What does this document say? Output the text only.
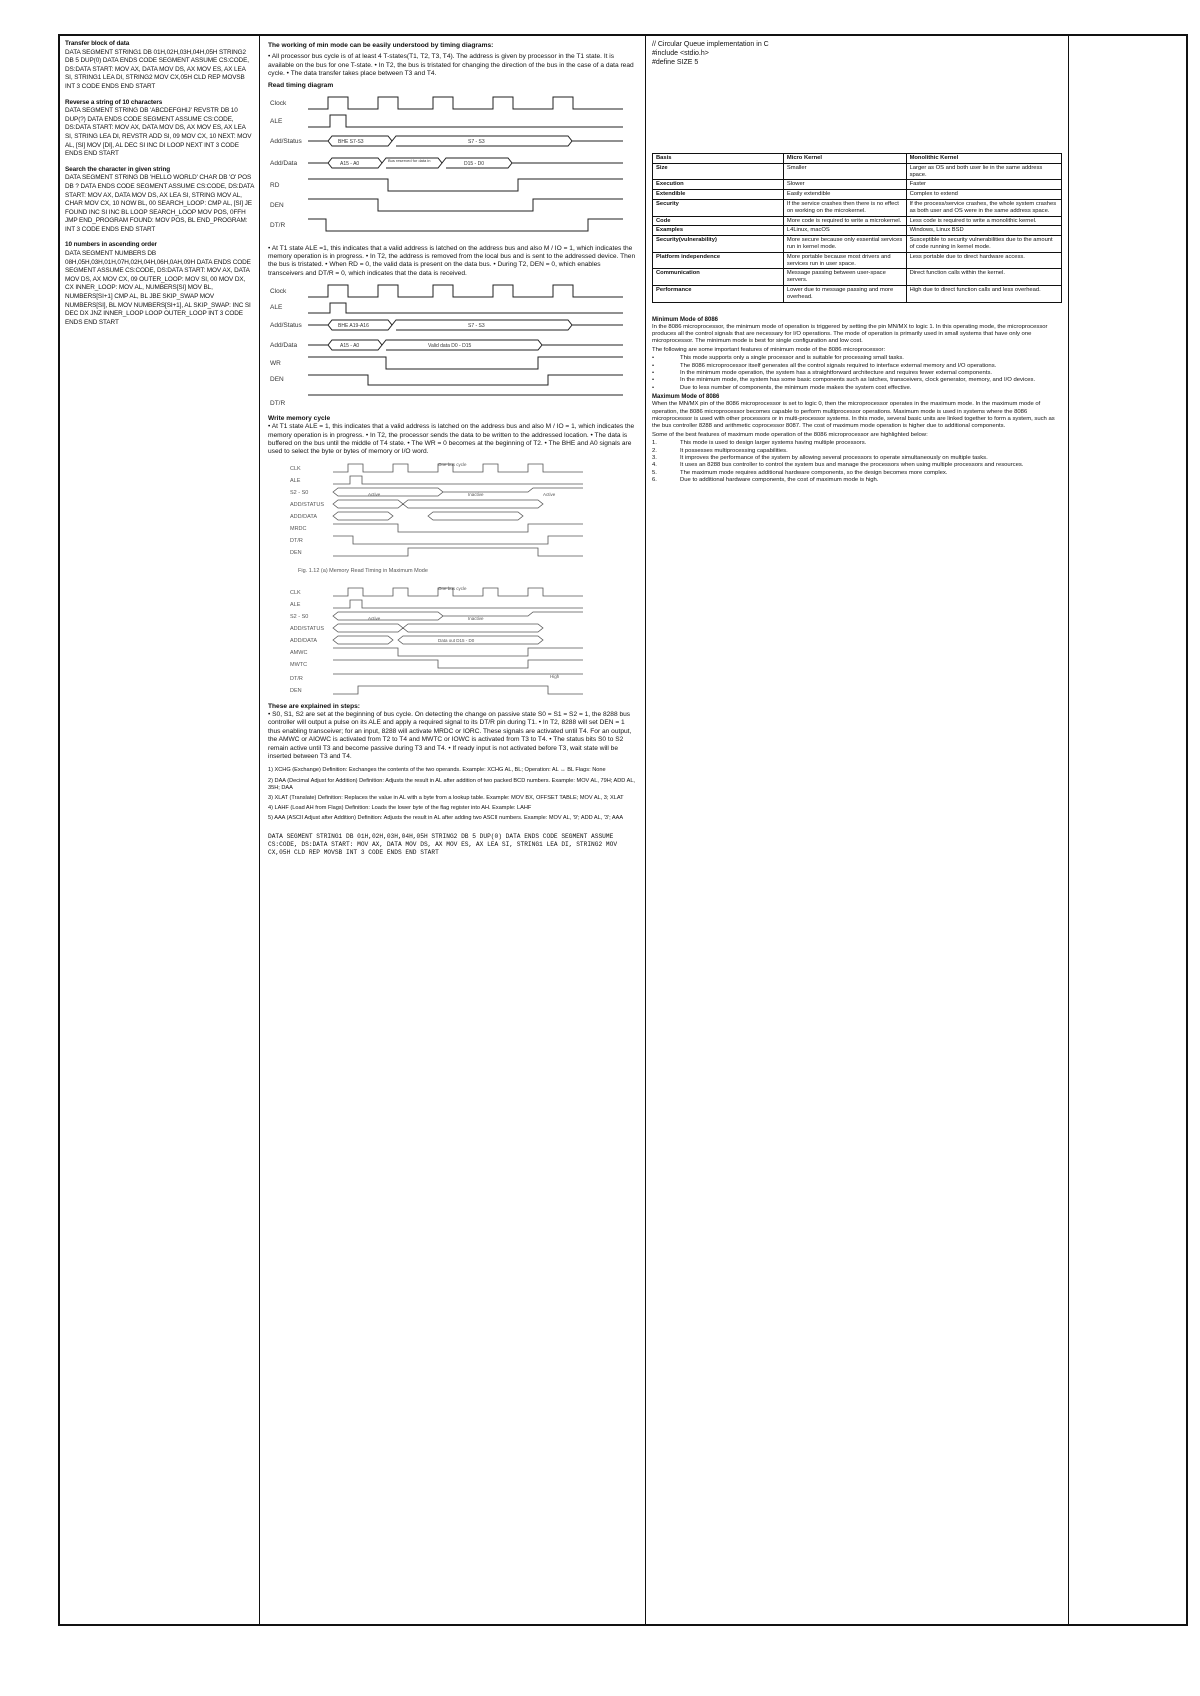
Transfer block of data
DATA SEGMENT STRING1 DB 01H,02H,03H,04H,05H STRING2 DB 5 DUP(0) DATA ENDS CODE SEGMENT ASSUME CS:CODE, DS:DATA START: MOV AX, DATA MOV DS, AX MOV ES, AX LEA SI, STRING1 LEA DI, STRING2 MOV CX,05H CLD REP MOVSB INT 3 CODE ENDS END START
Reverse a string of 10 characters
DATA SEGMENT STRING DB 'ABCDEFGHIJ' REVSTR DB 10 DUP(?) DATA ENDS CODE SEGMENT ASSUME CS:CODE, DS:DATA START: MOV AX, DATA MOV DS, AX MOV ES, AX LEA SI, STRING LEA DI, REVSTR ADD SI, 09 MOV CX, 10 NEXT: MOV AL, [SI] MOV [DI], AL DEC SI INC DI LOOP NEXT INT 3 CODE ENDS END START
Search the character in given string
DATA SEGMENT STRING DB 'HELLO WORLD' CHAR DB 'O' POS DB ? DATA ENDS CODE SEGMENT ASSUME CS:CODE, DS:DATA START: MOV AX, DATA MOV DS, AX LEA SI, STRING MOV AL, CHAR MOV CX, 10 NOW BL, 00 SEARCH_LOOP: CMP AL, [SI] JE FOUND INC SI INC BL LOOP SEARCH_LOOP MOV POS, 0FFH JMP END_PROGRAM FOUND: MOV POS, BL END_PROGRAM: INT 3 CODE ENDS END START
10 numbers in ascending order
DATA SEGMENT NUMBERS DB 08H,05H,03H,01H,07H,02H,04H,06H,0AH,09H DATA ENDS CODE SEGMENT ASSUME CS:CODE, DS:DATA START: MOV AX, DATA MOV DS, AX MOV CX, 09 OUTER_LOOP: MOV SI, 00 MOV DX, CX INNER_LOOP: MOV AL, NUMBERS[SI] MOV BL, NUMBERS[SI+1] CMP AL, BL JBE SKIP_SWAP MOV NUMBERS[SI], BL MOV NUMBERS[SI+1], AL SKIP_SWAP: INC SI DEC DX JNZ INNER_LOOP LOOP OUTER_LOOP INT 3 CODE ENDS END START
The working of min mode can be easily understood by timing diagrams:
• All processor bus cycle is of at least 4 T-states(T1, T2, T3, T4). The address is given by processor in the T1 state. It is available on the bus for one T-state. • In T2, the bus is tristated for changing the direction of the bus in the case of a data read cycle. • The data transfer takes place between T3 and T4.
Read timing diagram
Clock
ALE
Add/Status
Add/Data
RD
DEN
DT/R
BHE S7-S3	S7 - S3
A15 - A0
Bus reserved for data in
D15 - D0
• At T1 state ALE =1, this indicates that a valid address is latched on the address bus and also M / IO = 1, which indicates the memory operation is in progress. • In T2, the address is removed from the local bus and is sent to the addressed device. Then the bus is tristated. • When RD = 0, the valid data is present on the data bus. • During T2, DEN = 0, which enables transceivers and DT/R = 0, which indicates that the data is received.
Clock
ALE
Add/Status
Add/Data
WR
DEN
DT/R
BHE A19-A16	S7 - S3
A15 - A0	Valid data D0 - D15
Write memory cycle
• At T1 state ALE = 1, this indicates that a valid address is latched on the address bus and also M / IO = 1, which indicates the memory operation is in progress. • In T2, the processor sends the data to be written to the addressed location. • The data is buffered on the bus until the middle of T4 state. • The WR = 0 becomes at the beginning of T2. • The BHE and A0 signals are used to select the byte or bytes of memory or I/O word.
CLK
ALE
S2 - S0
ADD/STATUS
ADD/DATA
MRDC
DT/R
DEN
Fig. 1.12 (a) Memory Read Timing in Maximum Mode
One bus cycle
Active	Inactive	Active
CLK
ALE
S2 - S0
ADD/STATUS
ADD/DATA
AMWC
MWTC
DT/R
DEN
One bus cycle
Data out D15 - D0
Active	Inactive
High
These are explained in steps:
• S0, S1, S2 are set at the beginning of bus cycle. On detecting the change on passive state S0 = S1 = S2 = 1, the 8288 bus controller will output a pulse on its ALE and apply a required signal to its DT/R pin during T1. • In T2, 8288 will set DEN = 1 thus enabling transceiver; for an input, 8288 will activate MRDC or IORC. These signals are activated until T4. For an output, the AMWC or AIOWC is activated from T2 to T4 and MWTC or IOWC is activated from T3 to T4. • The status bits S0 to S2 remain active until T3 and become passive during T3 and T4. • If ready input is not activated before T3, wait state will be inserted between T3 and T4.
1) XCHG (Exchange) Definition: Exchanges the contents of the two operands. Example: XCHG AL, BL; Operation: AL ↔ BL Flags: None
2) DAA (Decimal Adjust for Addition) Definition: Adjusts the result in AL after addition of two packed BCD numbers. Example: MOV AL, 79H; ADD AL, 35H; DAA
3) XLAT (Translate) Definition: Replaces the value in AL with a byte from a lookup table. Example: MOV BX, OFFSET TABLE; MOV AL, 3; XLAT
4) LAHF (Load AH from Flags) Definition: Loads the lower byte of the flag register into AH. Example: LAHF
5) AAA (ASCII Adjust after Addition) Definition: Adjusts the result in AL after adding two ASCII numbers. Example: MOV AL, '9'; ADD AL, '3'; AAA
DATA SEGMENT STRING1 DB 01H,02H,03H,04H,05H STRING2 DB 5 DUP(0) DATA ENDS CODE SEGMENT ASSUME CS:CODE, DS:DATA START: MOV AX, DATA MOV DS, AX MOV ES, AX LEA SI, STRING1 LEA DI, STRING2 MOV CX,05H CLD REP MOVSB INT 3 CODE ENDS END START
// Circular Queue implementation in C
#include <stdio.h>
#define SIZE 5
Basis	Micro Kernel	Monolithic Kernel
Size	Smaller	Larger as OS and both user lie in the same address space.
Execution	Slower	Faster
Extendible	Easily extendible	Complex to extend
Security	If the service crashes then there is no effect on working on the microkernel.	If the process/service crashes, the whole system crashes as both user and OS were in the same address space.
Code	More code is required to write a microkernel.	Less code is required to write a monolithic kernel.
Examples	L4Linux, macOS	Windows, Linux BSD
Security(vulnerability)	More secure because only essential services run in kernel mode.	Susceptible to security vulnerabilities due to the amount of code running in kernel mode.
Platform independence	More portable because most drivers and services run in user space.	Less portable due to direct hardware access.
Communication	Message passing between user-space servers.	Direct function calls within the kernel.
Performance	Lower due to message passing and more overhead.	High due to direct function calls and less overhead.
Minimum Mode of 8086
In the 8086 microprocessor, the minimum mode of operation is triggered by setting the pin MN/MX to logic 1. In this operating mode, the microprocessor produces all the control signals that are necessary for I/O operations. The mode of operation is primarily used in small systems that have only one microprocessor. The minimum mode is best for single configuration and low cost.
The following are some important features of minimum mode of the 8086 microprocessor:
•	This mode supports only a single processor and is suitable for processing small tasks.
•	The 8086 microprocessor itself generates all the control signals required to interface external memory and I/O operations.
•	In the minimum mode operation, the system has a straightforward architecture and requires fewer external components.
•	In the minimum mode, the system has some basic components such as latches, transceivers, clock generator, memory, and I/O devices.
•	Due to less number of components, the minimum mode makes the system cost effective.
Maximum Mode of 8086
When the MN/MX pin of the 8086 microprocessor is set to logic 0, then the microprocessor operates in the maximum mode. In the maximum mode of operation, the 8086 microprocessor becomes capable to perform multiprocessor operations. Maximum mode is used in systems where the 8086 microprocessor is used with other processors or in multi-processor systems. In this mode, several basic units are linked together to form a system, such as the bus controller 8288 and arithmetic coprocessor 8087. The cost of maximum mode operation is higher due to additional components.
Some of the best features of maximum mode operation of the 8086 microprocessor are highlighted below:
1.	This mode is used to design larger systems having multiple processors.
2.	It possesses multiprocessing capabilities.
3.	It improves the performance of the system by allowing several processors to operate simultaneously on multiple tasks.
4.	It uses an 8288 bus controller to control the system bus and manage the processors when using multiple processors and resources.
5.	The maximum mode requires additional hardware components, so the design becomes more complex.
6.	Due to additional hardware components, the cost of maximum mode is high.
